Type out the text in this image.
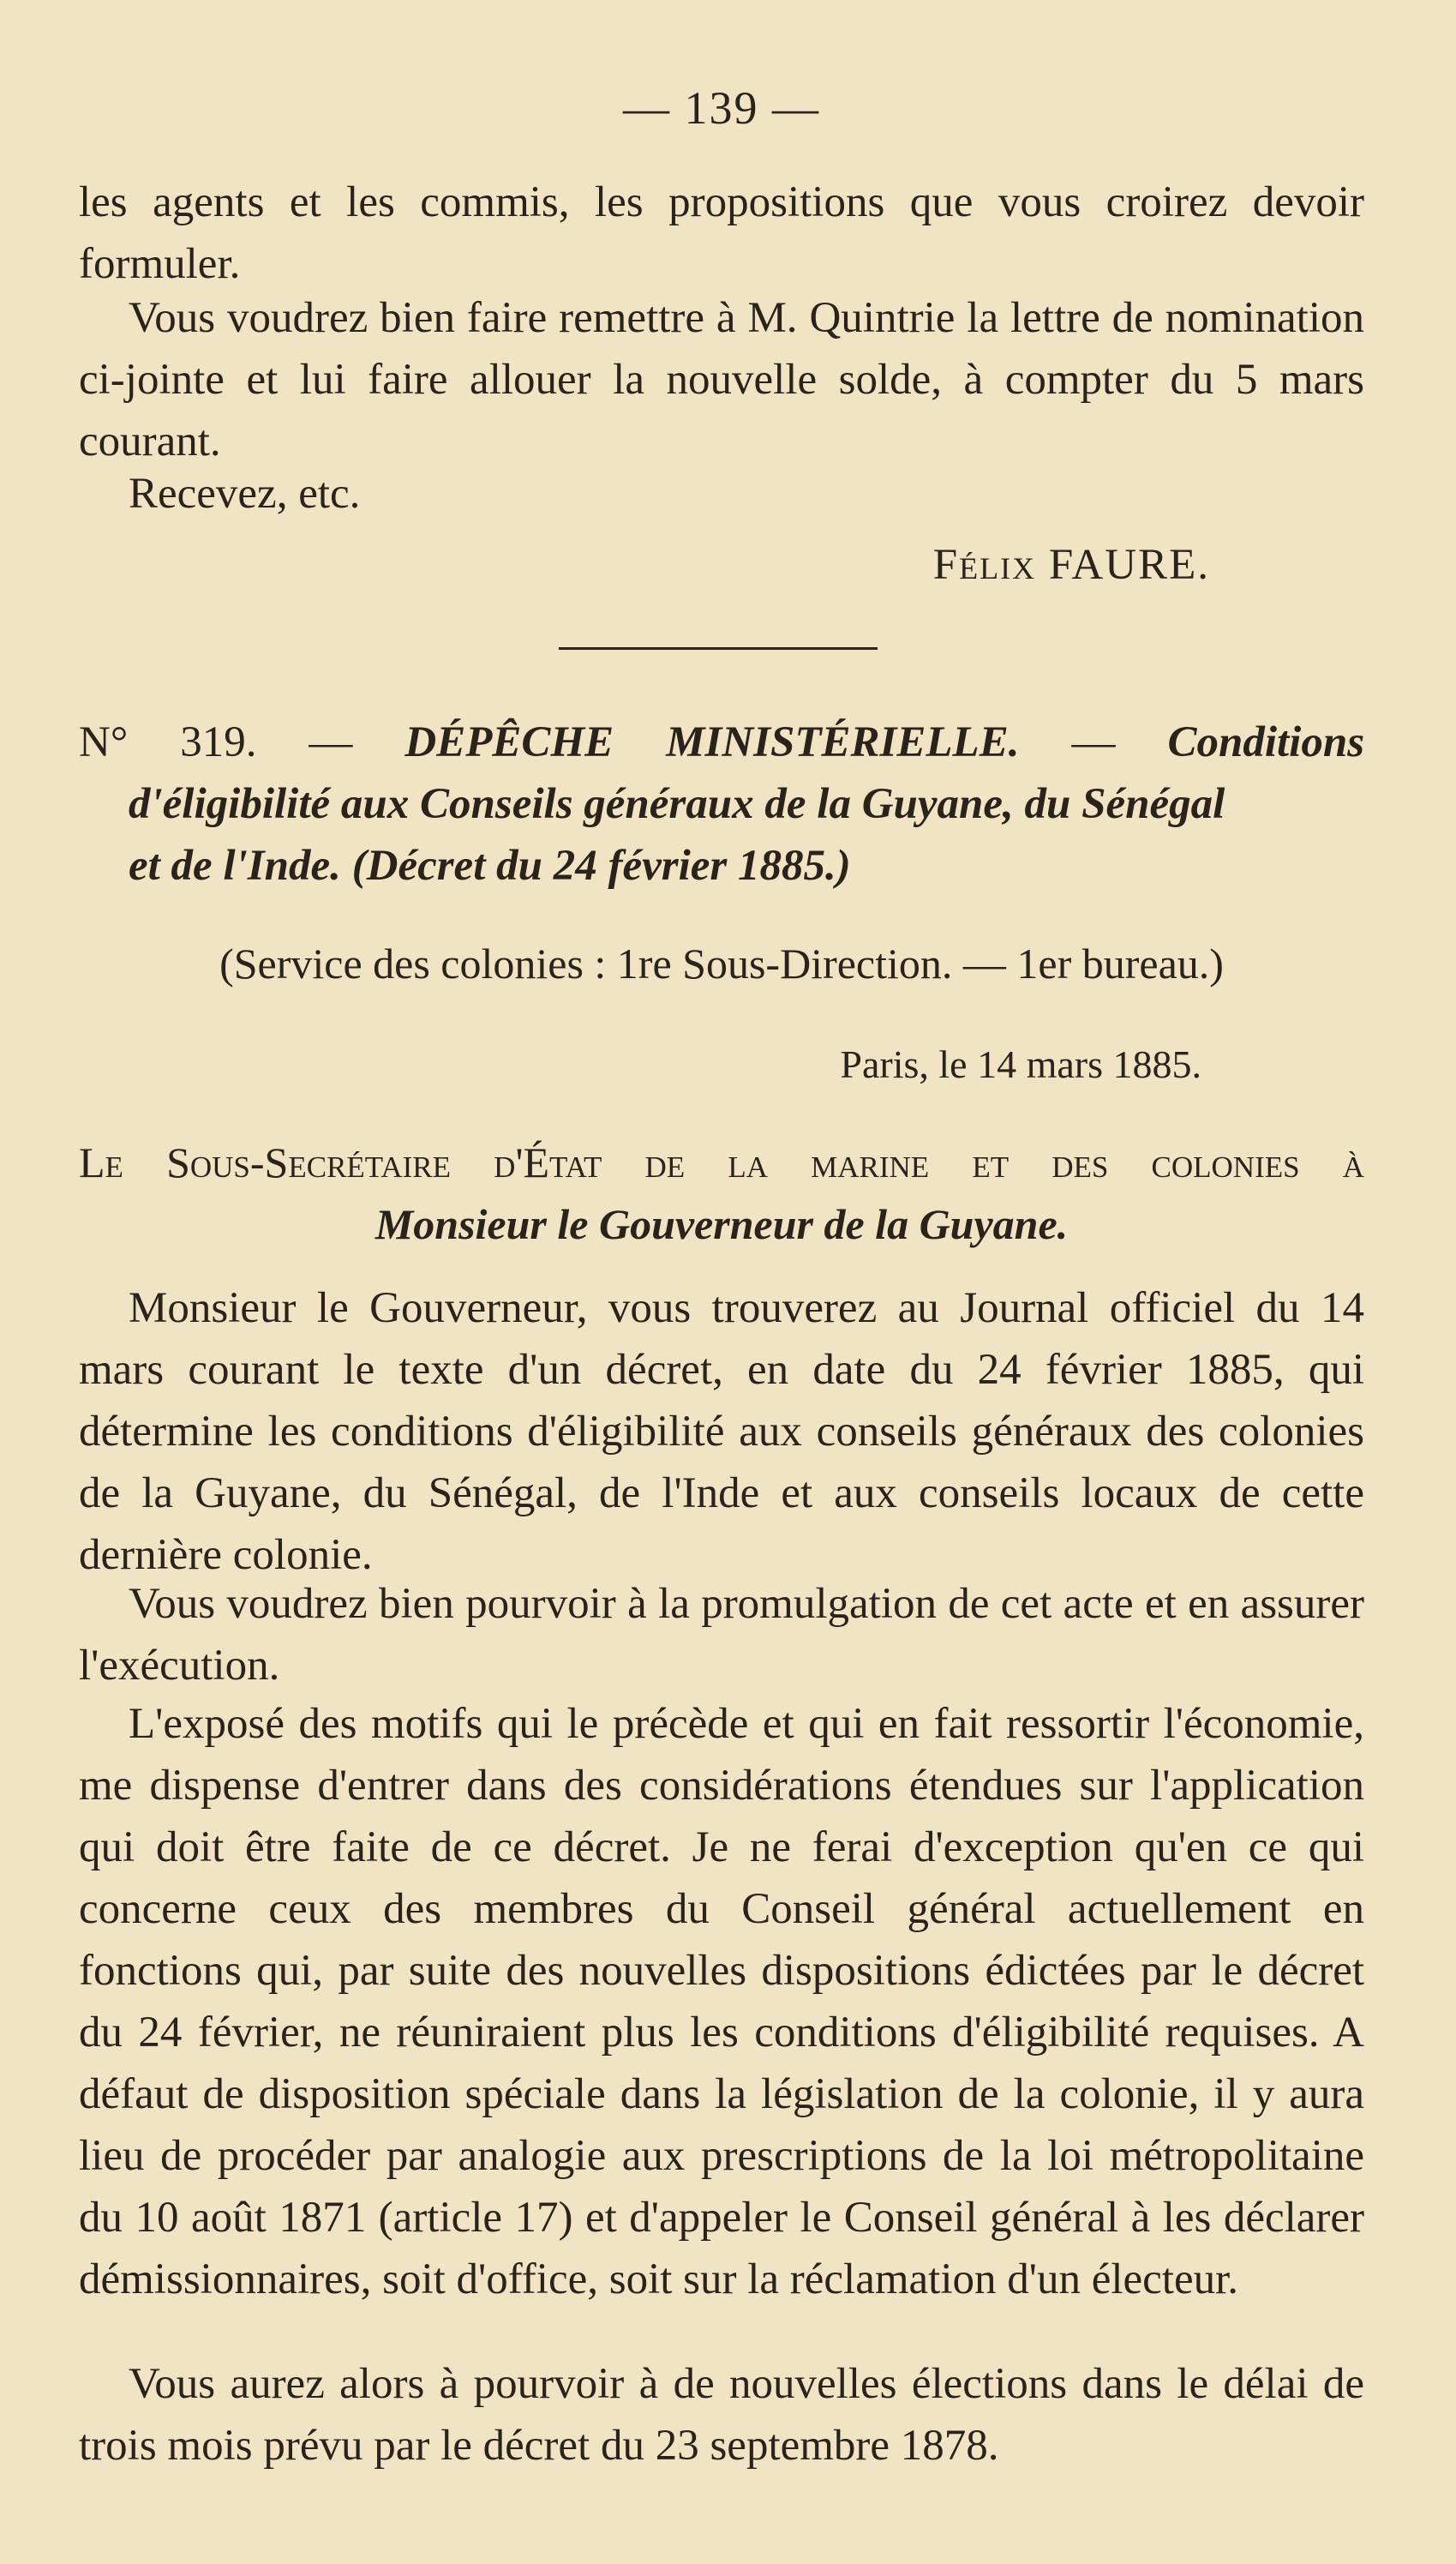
— 139 —

les agents et les commis, les propositions que vous croirez devoir formuler.

Vous voudrez bien faire remettre à M. Quintrie la lettre de nomination ci-jointe et lui faire allouer la nouvelle solde, à compter du 5 mars courant.

Recevez, etc.

Félix FAURE.

N° 319. — DÉPÊCHE MINISTÉRIELLE. — Conditions
d'éligibilité aux Conseils généraux de la Guyane, du Sénégal
et de l'Inde. (Décret du 24 février 1885.)

(Service des colonies : 1re Sous-Direction. — 1er bureau.)
Paris, le 14 mars 1885.

Le Sous-Secrétaire d'État de la marine et des colonies à
Monsieur le Gouverneur de la Guyane.

Monsieur le Gouverneur, vous trouverez au Journal officiel du 14 mars courant le texte d'un décret, en date du 24 février 1885, qui détermine les conditions d'éligibilité aux conseils généraux des colonies de la Guyane, du Sénégal, de l'Inde et aux conseils locaux de cette dernière colonie.

Vous voudrez bien pourvoir à la promulgation de cet acte et en assurer l'exécution.

L'exposé des motifs qui le précède et qui en fait ressortir l'économie, me dispense d'entrer dans des considérations étendues sur l'application qui doit être faite de ce décret. Je ne ferai d'exception qu'en ce qui concerne ceux des membres du Conseil général actuellement en fonctions qui, par suite des nouvelles dispositions édictées par le décret du 24 février, ne réuniraient plus les conditions d'éligibilité requises. A défaut de disposition spéciale dans la législation de la colonie, il y aura lieu de procéder par analogie aux prescriptions de la loi métropolitaine du 10 août 1871 (article 17) et d'appeler le Conseil général à les déclarer démissionnaires, soit d'office, soit sur la réclamation d'un électeur.

Vous aurez alors à pourvoir à de nouvelles élections dans le délai de trois mois prévu par le décret du 23 septembre 1878.
